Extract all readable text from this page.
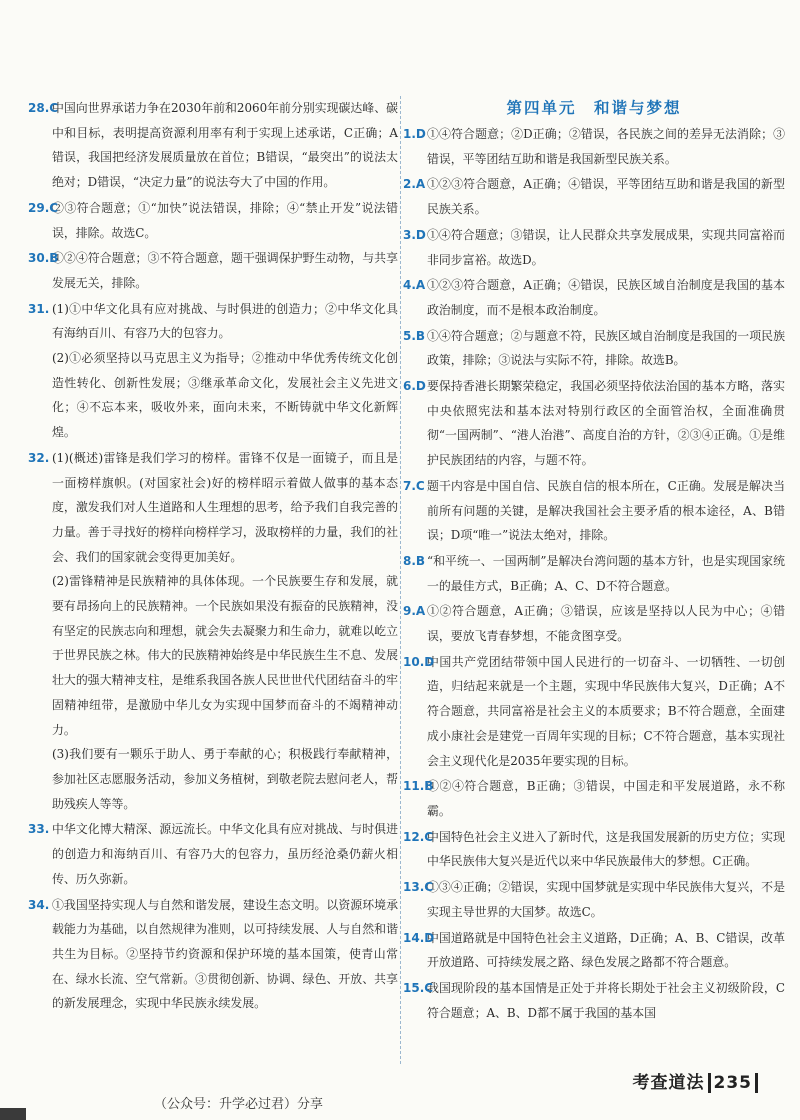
28.C

中国向世界承诺力争在2030年前和2060年前分别实现碳达峰、碳中和目标，表明提高资源利用率有利于实现上述承诺，C正确；A错误，我国把经济发展质量放在首位；B错误，“最突出”的说法太绝对；D错误，“决定力量”的说法夸大了中国的作用。

29.C

②③符合题意；①“加快”说法错误，排除；④“禁止开发”说法错误，排除。故选C。

30.B

①②④符合题意；③不符合题意，题干强调保护野生动物，与共享发展无关，排除。

31. (1)①中华文化具有应对挑战、与时俱进的创造力；②中华文化具有海纳百川、有容乃大的包容力。

(2)①必须坚持以马克思主义为指导；②推动中华优秀传统文化创造性转化、创新性发展；③继承革命文化，发展社会主义先进文化；④不忘本来，吸收外来，面向未来，不断铸就中华文化新辉煌。

32. (1)(概述)雷锋是我们学习的榜样。雷锋不仅是一面镜子，而且是一面榜样旗帜。(对国家社会)好的榜样昭示着做人做事的基本态度，激发我们对人生道路和人生理想的思考，给予我们自我完善的力量。善于寻找好的榜样向榜样学习，汲取榜样的力量，我们的社会、我们的国家就会变得更加美好。

(2)雷锋精神是民族精神的具体体现。一个民族要生存和发展，就要有昂扬向上的民族精神。一个民族如果没有振奋的民族精神，没有坚定的民族志向和理想，就会失去凝聚力和生命力，就难以屹立于世界民族之林。伟大的民族精神始终是中华民族生生不息、发展壮大的强大精神支柱，是维系我国各族人民世世代代团结奋斗的牢固精神纽带，是激励中华儿女为实现中国梦而奋斗的不竭精神动力。

(3)我们要有一颗乐于助人、勇于奉献的心；积极践行奉献精神，参加社区志愿服务活动，参加义务植树，到敬老院去慰问老人，帮助残疾人等等。

33. 中华文化博大精深、源远流长。中华文化具有应对挑战、与时俱进的创造力和海纳百川、有容乃大的包容力，虽历经沧桑仍薪火相传、历久弥新。

34. ①我国坚持实现人与自然和谐发展，建设生态文明。以资源环境承载能力为基础，以自然规律为准则，以可持续发展、人与自然和谐共生为目标。②坚持节约资源和保护环境的基本国策，使青山常在、绿水长流、空气常新。③贯彻创新、协调、绿色、开放、共享的新发展理念，实现中华民族永续发展。

第四单元　和谐与梦想
1.D ①④符合题意；②D正确；②错误，各民族之间的差异无法消除；③错误，平等团结互助和谐是我国新型民族关系。

2.A ①②③符合题意，A正确；④错误，平等团结互助和谐是我国的新型民族关系。

3.D ①④符合题意；③错误，让人民群众共享发展成果，实现共同富裕而非同步富裕。故选D。

4.A ①②③符合题意，A正确；④错误，民族区域自治制度是我国的基本政治制度，而不是根本政治制度。

5.B ①④符合题意；②与题意不符，民族区域自治制度是我国的一项民族政策，排除；③说法与实际不符，排除。故选B。

6.D 要保持香港长期繁荣稳定，我国必须坚持依法治国的基本方略，落实中央依照宪法和基本法对特别行政区的全面管治权，全面准确贯彻“一国两制”、“港人治港”、高度自治的方针，②③④正确。①是维护民族团结的内容，与题不符。

7.C 题干内容是中国自信、民族自信的根本所在，C正确。发展是解决当前所有问题的关键，是解决我国社会主要矛盾的根本途径，A、B错误；D项“唯一”说法太绝对，排除。

8.B “和平统一、一国两制”是解决台湾问题的基本方针，也是实现国家统一的最佳方式，B正确；A、C、D不符合题意。

9.A ①②符合题意，A正确；③错误，应该是坚持以人民为中心；④错误，要放飞青春梦想，不能贪图享受。

10.D

中国共产党团结带领中国人民进行的一切奋斗、一切牺牲、一切创造，归结起来就是一个主题，实现中华民族伟大复兴，D正确；A不符合题意，共同富裕是社会主义的本质要求；B不符合题意，全面建成小康社会是建党一百周年实现的目标；C不符合题意，基本实现社会主义现代化是2035年要实现的目标。

11.B

①②④符合题意，B正确；③错误，中国走和平发展道路，永不称霸。

12.C

中国特色社会主义进入了新时代，这是我国发展新的历史方位；实现中华民族伟大复兴是近代以来中华民族最伟大的梦想。C正确。

13.C

①③④正确；②错误，实现中国梦就是实现中华民族伟大复兴，不是实现主导世界的大国梦。故选C。

14.D

中国道路就是中国特色社会主义道路，D正确；A、B、C错误，改革开放道路、可持续发展之路、绿色发展之路都不符合题意。

15.C

我国现阶段的基本国情是正处于并将长期处于社会主义初级阶段，C符合题意；A、B、D都不属于我国的基本国

考查道法 235
（公众号：升学必过君）分享
